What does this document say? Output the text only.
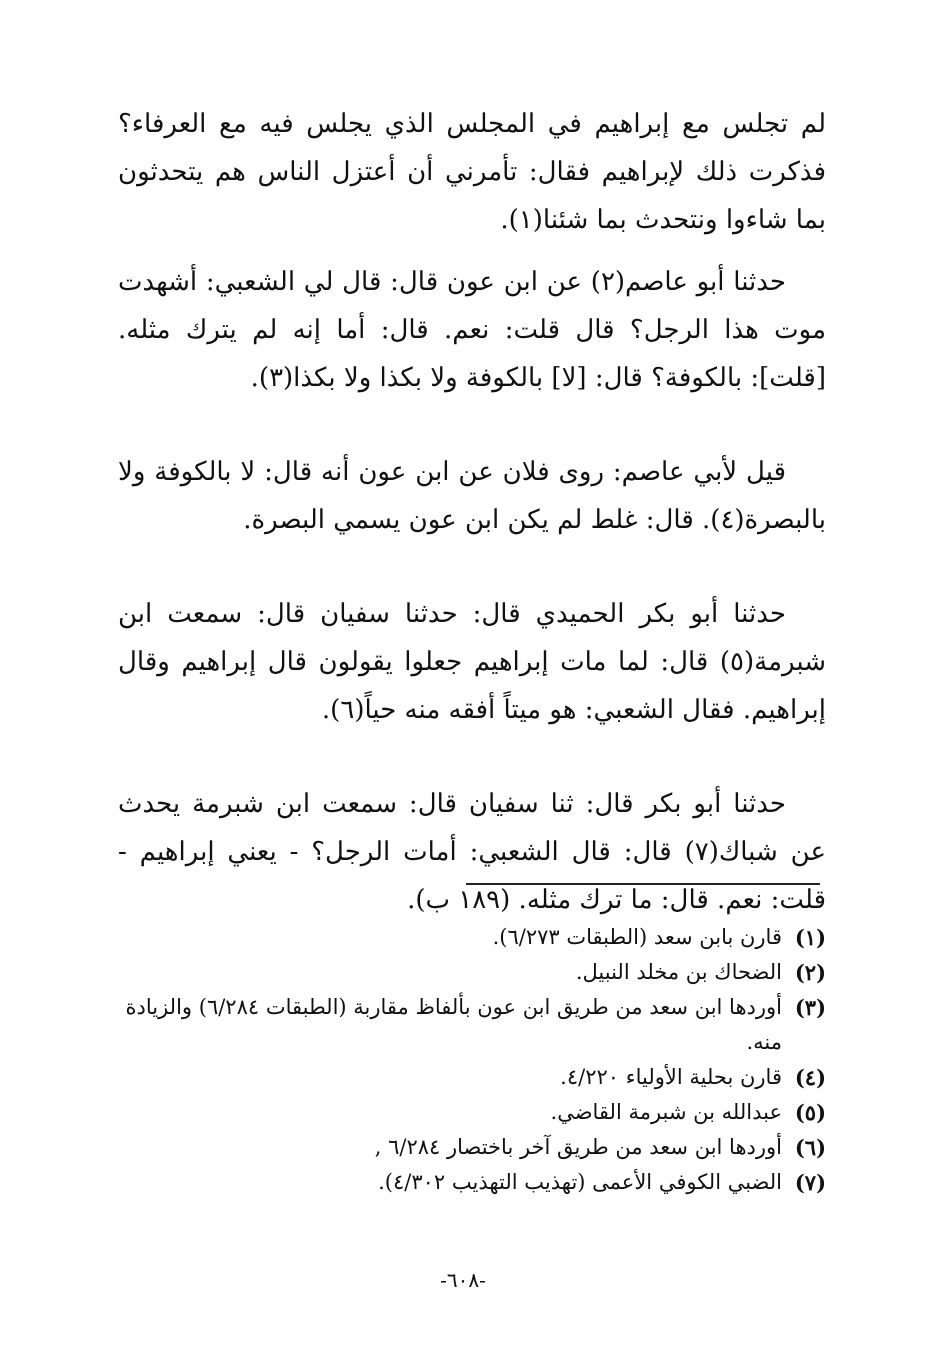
لم تجلس مع إبراهيم في المجلس الذي يجلس فيه مع العرفاء؟ فذكرت ذلك لإبراهيم فقال: تأمرني أن أعتزل الناس هم يتحدثون بما شاءوا ونتحدث بما شئنا(١).

حدثنا أبو عاصم(٢) عن ابن عون قال: قال لي الشعبي: أشهدت موت هذا الرجل؟ قال قلت: نعم. قال: أما إنه لم يترك مثله. [قلت]: بالكوفة؟ قال: [لا] بالكوفة ولا بكذا ولا بكذا(٣).

قيل لأبي عاصم: روى فلان عن ابن عون أنه قال: لا بالكوفة ولا بالبصرة(٤). قال: غلط لم يكن ابن عون يسمي البصرة.

حدثنا أبو بكر الحميدي قال: حدثنا سفيان قال: سمعت ابن شبرمة(٥) قال: لما مات إبراهيم جعلوا يقولون قال إبراهيم وقال إبراهيم. فقال الشعبي: هو ميتاً أفقه منه حياً(٦).

حدثنا أبو بكر قال: ثنا سفيان قال: سمعت ابن شبرمة يحدث عن شباك(٧) قال: قال الشعبي: أمات الرجل؟ - يعني إبراهيم - قلت: نعم. قال: ما ترك مثله. (١٨٩ ب).

(١)
قارن بابن سعد (الطبقات ٦/٢٧٣).
(٢)
الضحاك بن مخلد النبيل.
(٣)
أوردها ابن سعد من طريق ابن عون بألفاظ مقاربة (الطبقات ٦/٢٨٤) والزيادة منه.
(٤)
قارن بحلية الأولياء ٤/٢٢٠.
(٥)
عبدالله بن شبرمة القاضي.
(٦)
أوردها ابن سعد من طريق آخر باختصار ٦/٢٨٤ ,
(٧)
الضبي الكوفي الأعمى (تهذيب التهذيب ٤/٣٠٢).
-٦٠٨-
